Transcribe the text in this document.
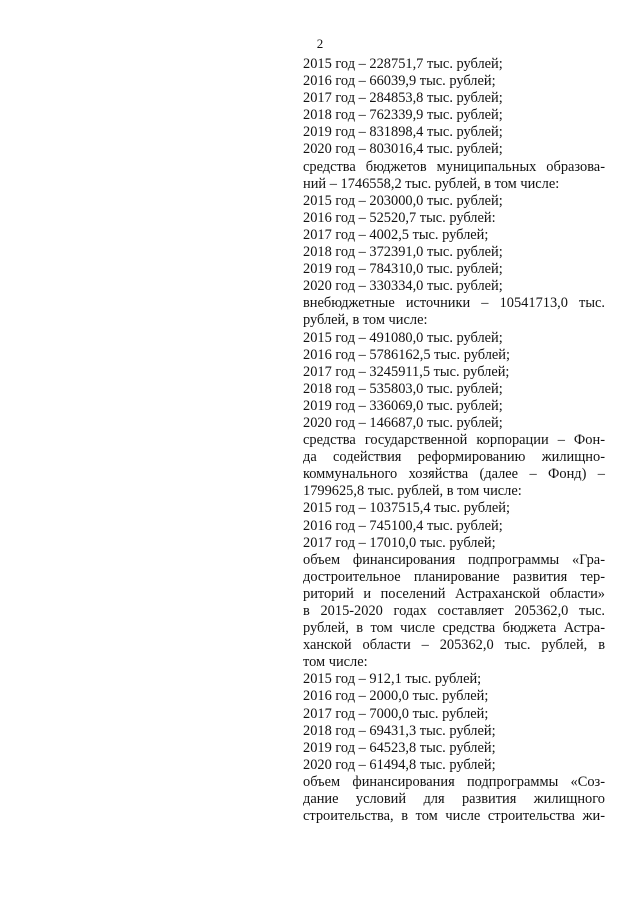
2
2015 год – 228751,7 тыс. рублей;
2016 год – 66039,9 тыс. рублей;
2017 год – 284853,8 тыс. рублей;
2018 год – 762339,9 тыс. рублей;
2019 год – 831898,4 тыс. рублей;
2020 год – 803016,4 тыс. рублей;
средства бюджетов муниципальных образова-
ний – 1746558,2 тыс. рублей, в том числе:
2015 год – 203000,0 тыс. рублей;
2016 год – 52520,7 тыс. рублей:
2017 год – 4002,5 тыс. рублей;
2018 год – 372391,0 тыс. рублей;
2019 год – 784310,0 тыс. рублей;
2020 год – 330334,0 тыс. рублей;
внебюджетные источники – 10541713,0 тыс.
рублей, в том числе:
2015 год – 491080,0 тыс. рублей;
2016 год – 5786162,5 тыс. рублей;
2017 год – 3245911,5 тыс. рублей;
2018 год – 535803,0 тыс. рублей;
2019 год – 336069,0 тыс. рублей;
2020 год – 146687,0 тыс. рублей;
средства государственной корпорации – Фон-
да содействия реформированию жилищно-
коммунального хозяйства (далее – Фонд) –
1799625,8 тыс. рублей, в том числе:
2015 год – 1037515,4 тыс. рублей;
2016 год – 745100,4 тыс. рублей;
2017 год – 17010,0 тыс. рублей;
объем финансирования подпрограммы «Гра-
достроительное планирование развития тер-
риторий и поселений Астраханской области»
в 2015-2020 годах составляет 205362,0 тыс.
рублей, в том числе средства бюджета Астра-
ханской области – 205362,0 тыс. рублей, в
том числе:
2015 год – 912,1 тыс. рублей;
2016 год – 2000,0 тыс. рублей;
2017 год – 7000,0 тыс. рублей;
2018 год – 69431,3 тыс. рублей;
2019 год – 64523,8 тыс. рублей;
2020 год – 61494,8 тыс. рублей;
объем финансирования подпрограммы «Соз-
дание условий для развития жилищного
строительства, в том числе строительства жи-
